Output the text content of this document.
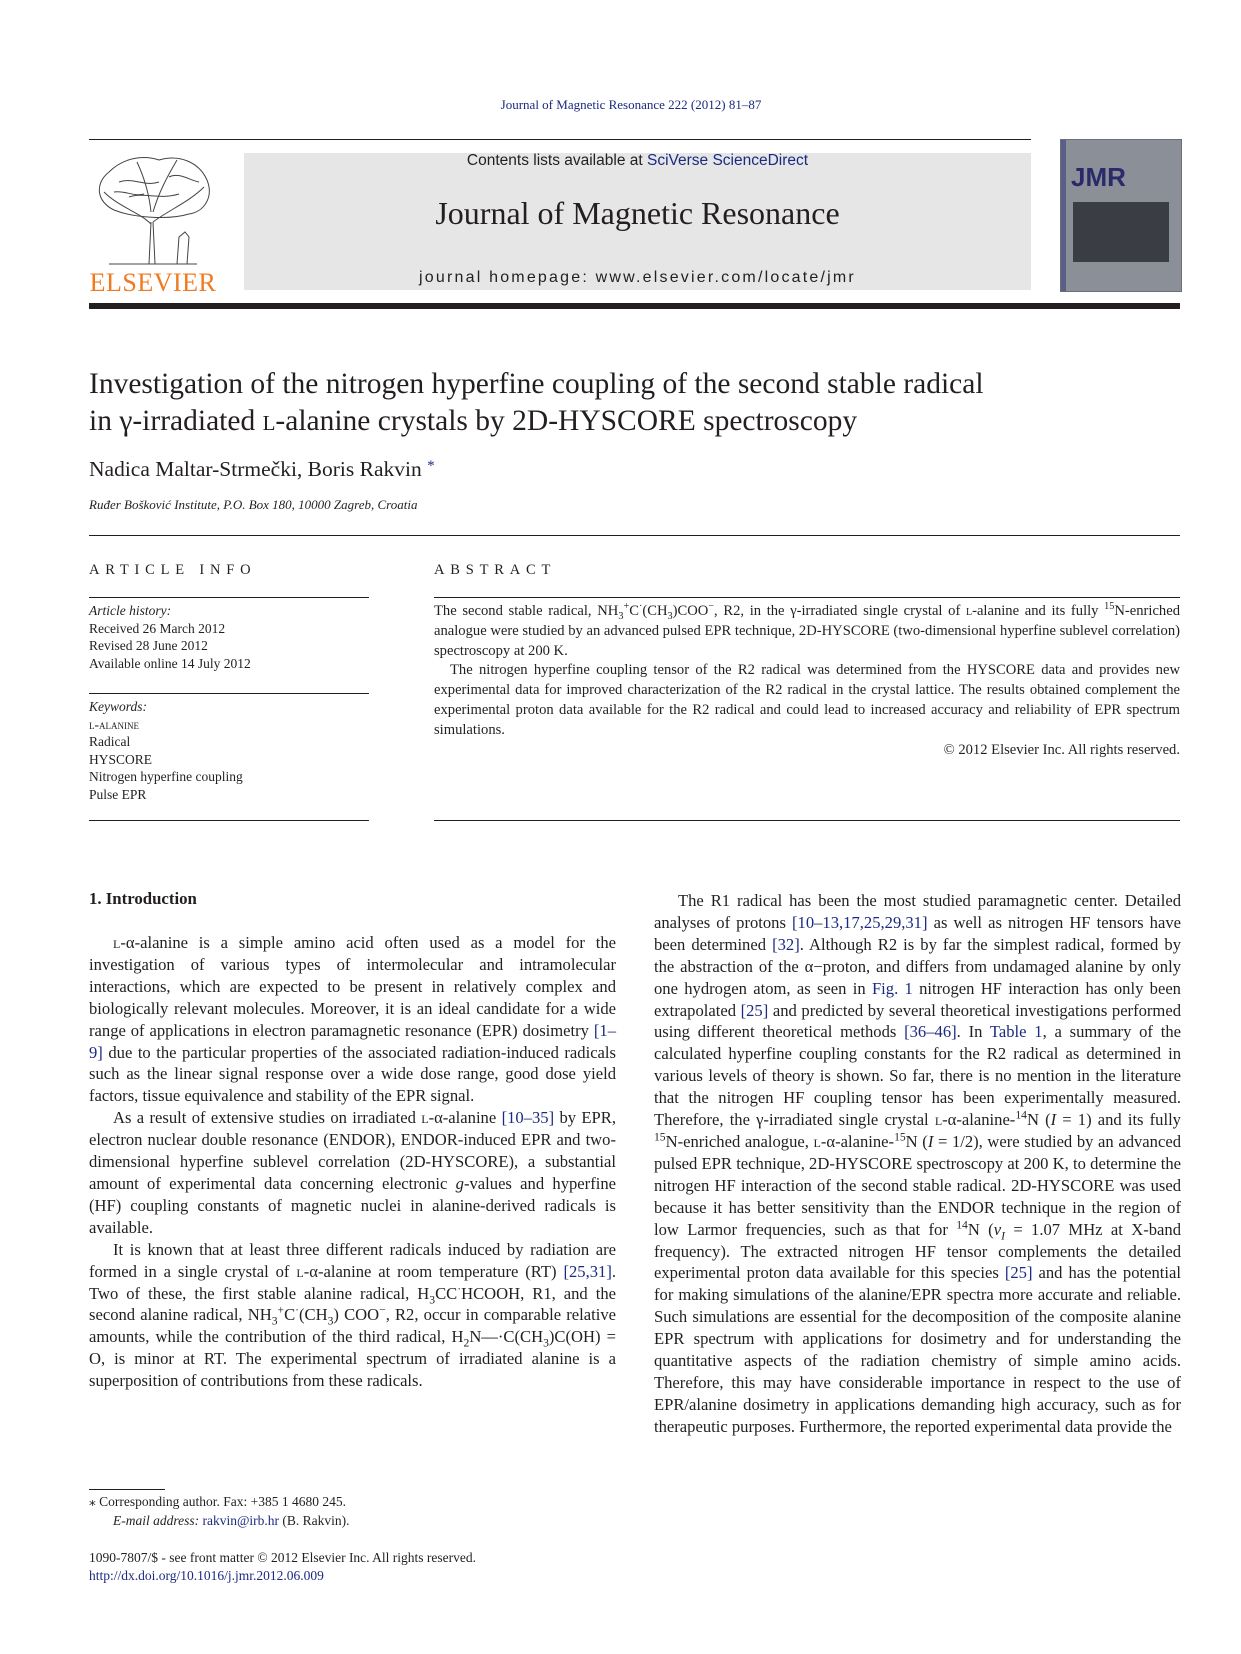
Journal of Magnetic Resonance 222 (2012) 81–87
ELSEVIER
Contents lists available at SciVerse ScienceDirect
Journal of Magnetic Resonance
journal homepage: www.elsevier.com/locate/jmr
JMR
Investigation of the nitrogen hyperfine coupling of the second stable radical
in γ-irradiated l-alanine crystals by 2D-HYSCORE spectroscopy
Nadica Maltar-Strmečki, Boris Rakvin *
Ruđer Bošković Institute, P.O. Box 180, 10000 Zagreb, Croatia
ARTICLE INFO	ABSTRACT
Article history:
Received 26 March 2012
Revised 28 June 2012
Available online 14 July 2012
Keywords:
l-alanine
Radical
HYSCORE
Nitrogen hyperfine coupling
Pulse EPR

The second stable radical, $NH_3^+C^\cdot(CH_3)COO^-$, R2, in the γ-irradiated single crystal of l-alanine and its fully $^{15}$N-enriched analogue were studied by an advanced pulsed EPR technique, 2D-HYSCORE (two-dimensional hyperfine sublevel correlation) spectroscopy at 200 K.

The nitrogen hyperfine coupling tensor of the R2 radical was determined from the HYSCORE data and provides new experimental data for improved characterization of the R2 radical in the crystal lattice. The results obtained complement the experimental proton data available for the R2 radical and could lead to increased accuracy and reliability of EPR spectrum simulations.

© 2012 Elsevier Inc. All rights reserved.
1. Introduction

l-α-alanine is a simple amino acid often used as a model for the investigation of various types of intermolecular and intramolecular interactions, which are expected to be present in relatively complex and biologically relevant molecules. Moreover, it is an ideal candidate for a wide range of applications in electron paramagnetic resonance (EPR) dosimetry [1–9] due to the particular properties of the associated radiation-induced radicals such as the linear signal response over a wide dose range, good dose yield factors, tissue equivalence and stability of the EPR signal.

As a result of extensive studies on irradiated l-α-alanine [10–35] by EPR, electron nuclear double resonance (ENDOR), ENDOR-induced EPR and two-dimensional hyperfine sublevel correlation (2D-HYSCORE), a substantial amount of experimental data concerning electronic g-values and hyperfine (HF) coupling constants of magnetic nuclei in alanine-derived radicals is available.

It is known that at least three different radicals induced by radiation are formed in a single crystal of l-α-alanine at room temperature (RT) [25,31]. Two of these, the first stable alanine radical, $H_3CC^\cdot HCOOH$, R1, and the second alanine radical, $NH_3^+C^\cdot(CH_3)$ COO−, R2, occur in comparable relative amounts, while the contribution of the third radical, $H_2N—\cdot C(CH_3)C(OH) = O$, is minor at RT. The experimental spectrum of irradiated alanine is a superposition of contributions from these radicals.

The R1 radical has been the most studied paramagnetic center. Detailed analyses of protons [10–13,17,25,29,31] as well as nitrogen HF tensors have been determined [32]. Although R2 is by far the simplest radical, formed by the abstraction of the α−proton, and differs from undamaged alanine by only one hydrogen atom, as seen in Fig. 1 nitrogen HF interaction has only been extrapolated [25] and predicted by several theoretical investigations performed using different theoretical methods [36–46]. In Table 1, a summary of the calculated hyperfine coupling constants for the R2 radical as determined in various levels of theory is shown. So far, there is no mention in the literature that the nitrogen HF coupling tensor has been experimentally measured. Therefore, the γ-irradiated single crystal l-α-alanine-$^{14}$N (I = 1) and its fully $^{15}$N-enriched analogue, l-α-alanine-$^{15}$N (I = 1/2), were studied by an advanced pulsed EPR technique, 2D-HYSCORE spectroscopy at 200 K, to determine the nitrogen HF interaction of the second stable radical. 2D-HYSCORE was used because it has better sensitivity than the ENDOR technique in the region of low Larmor frequencies, such as that for $^{14}$N ($\nu_I = 1.07$ MHz at X-band frequency). The extracted nitrogen HF tensor complements the detailed experimental proton data available for this species [25] and has the potential for making simulations of the alanine/EPR spectra more accurate and reliable. Such simulations are essential for the decomposition of the composite alanine EPR spectrum with applications for dosimetry and for understanding the quantitative aspects of the radiation chemistry of simple amino acids. Therefore, this may have considerable importance in respect to the use of EPR/alanine dosimetry in applications demanding high accuracy, such as for therapeutic purposes. Furthermore, the reported experimental data provide the

⁎ Corresponding author. Fax: +385 1 4680 245.
E-mail address: rakvin@irb.hr (B. Rakvin).
1090-7807/$ - see front matter © 2012 Elsevier Inc. All rights reserved.
http://dx.doi.org/10.1016/j.jmr.2012.06.009
